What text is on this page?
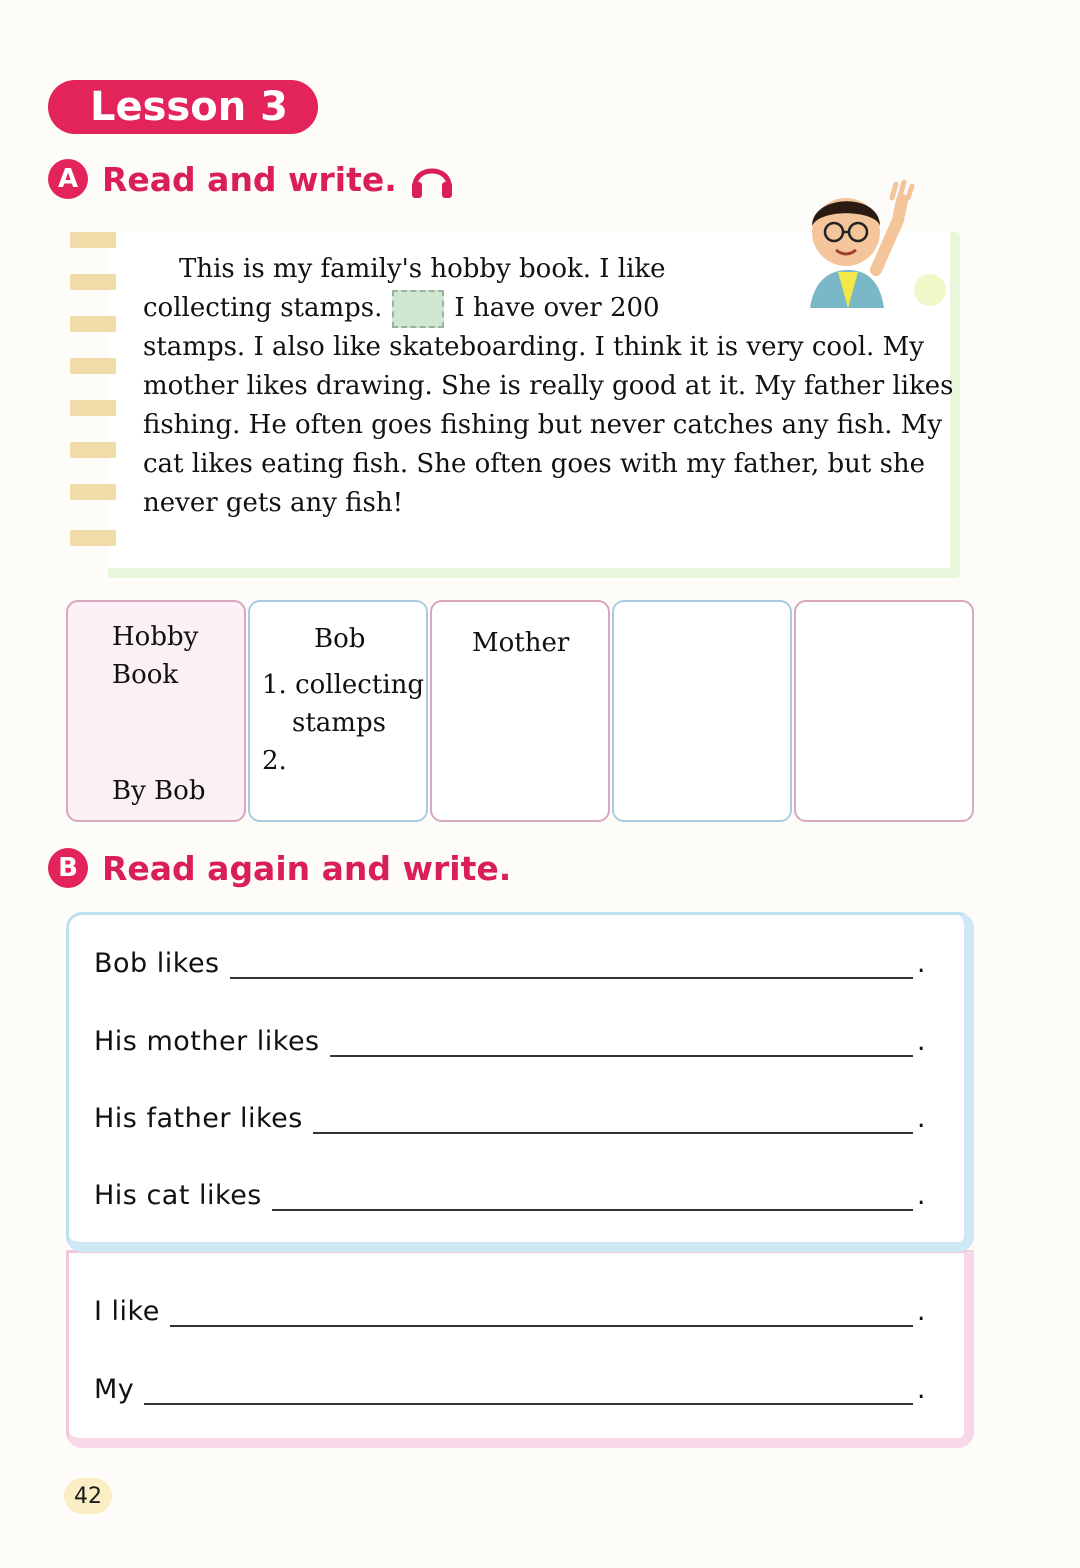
Lesson 3
A Read and write.

This is my family's hobby book. I like

collecting stamps.	I have over 200

stamps. I also like skateboarding. I think it is very cool. My

mother likes drawing. She is really good at it. My father likes

fishing. He often goes fishing but never catches any fish. My

cat likes eating fish. She often goes with my father, but she

never gets any fish!

Hobby
Book
By Bob
Bob
1. collecting
stamps
2.
Mother
B Read again and write.
Bob likes	.
His mother likes	.
His father likes	.
His cat likes	.
I like	.
My	.
42
